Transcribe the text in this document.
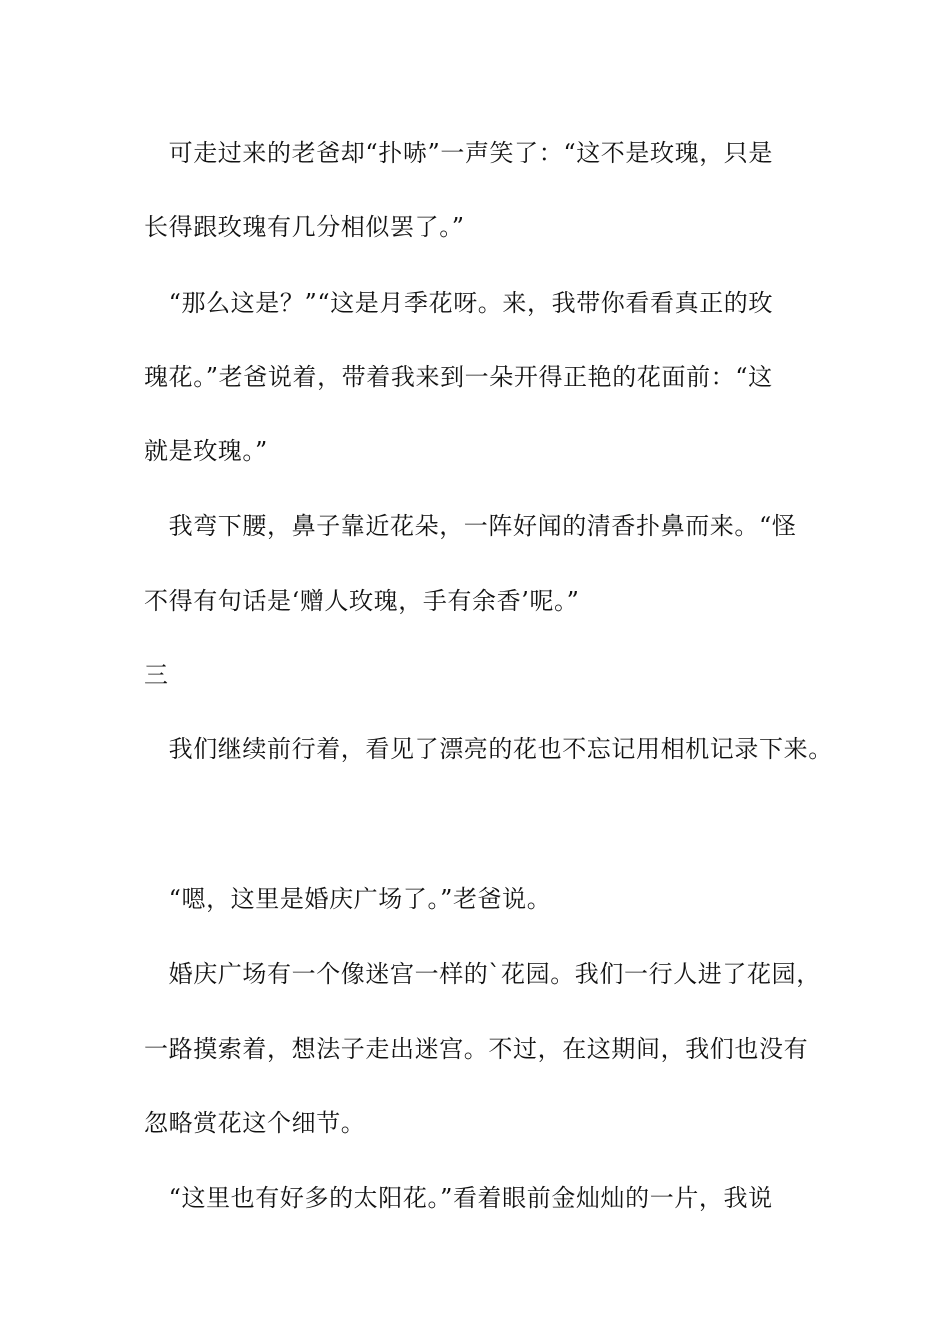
　可走过来的老爸却“扑哧”一声笑了：“这不是玫瑰，只是
长得跟玫瑰有几分相似罢了。”
　“那么这是？”“这是月季花呀。来，我带你看看真正的玫
瑰花。”老爸说着，带着我来到一朵开得正艳的花面前：“这
就是玫瑰。”
　我弯下腰，鼻子靠近花朵，一阵好闻的清香扑鼻而来。“怪
不得有句话是‘赠人玫瑰，手有余香’呢。”
三
　我们继续前行着，看见了漂亮的花也不忘记用相机记录下来。
　“嗯，这里是婚庆广场了。”老爸说。
　婚庆广场有一个像迷宫一样的`花园。我们一行人进了花园，
一路摸索着，想法子走出迷宫。不过，在这期间，我们也没有
忽略赏花这个细节。
　“这里也有好多的太阳花。”看着眼前金灿灿的一片，我说
